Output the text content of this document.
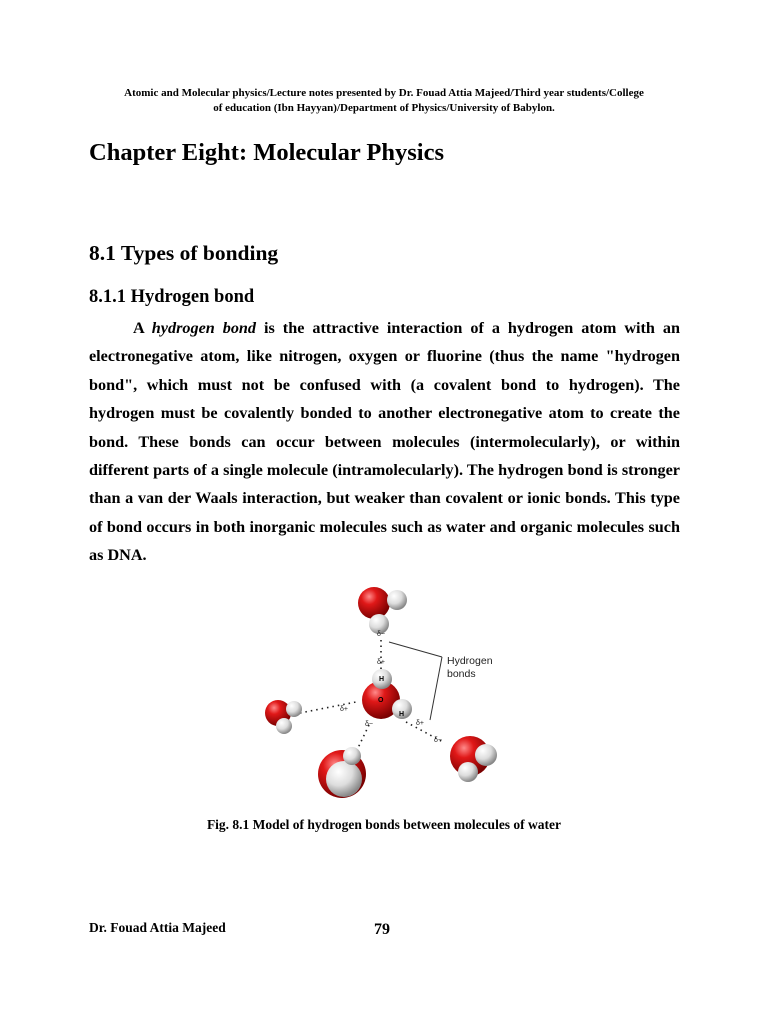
Atomic and Molecular physics/Lecture notes presented by Dr. Fouad Attia Majeed/Third year students/College
of education (Ibn Hayyan)/Department of Physics/University of Babylon.
Chapter Eight: Molecular Physics
8.1 Types of bonding
8.1.1 Hydrogen bond

A hydrogen bond is the attractive interaction of a hydrogen atom with an electronegative atom, like nitrogen, oxygen or fluorine (thus the name "hydrogen bond", which must not be confused with (a covalent bond to hydrogen). The hydrogen must be covalently bonded to another electronegative atom to create the bond. These bonds can occur between molecules (intermolecularly), or within different parts of a single molecule (intramolecularly). The hydrogen bond is stronger than a van der Waals interaction, but weaker than covalent or ionic bonds. This type of bond occurs in both inorganic molecules such as water and organic molecules such as DNA.

δ−
δ+
δ+
δ−	δ+
δ−
H
O
H
Hydrogen
bonds
Fig. 8.1 Model of hydrogen bonds between molecules of water
Dr. Fouad Attia Majeed	79
